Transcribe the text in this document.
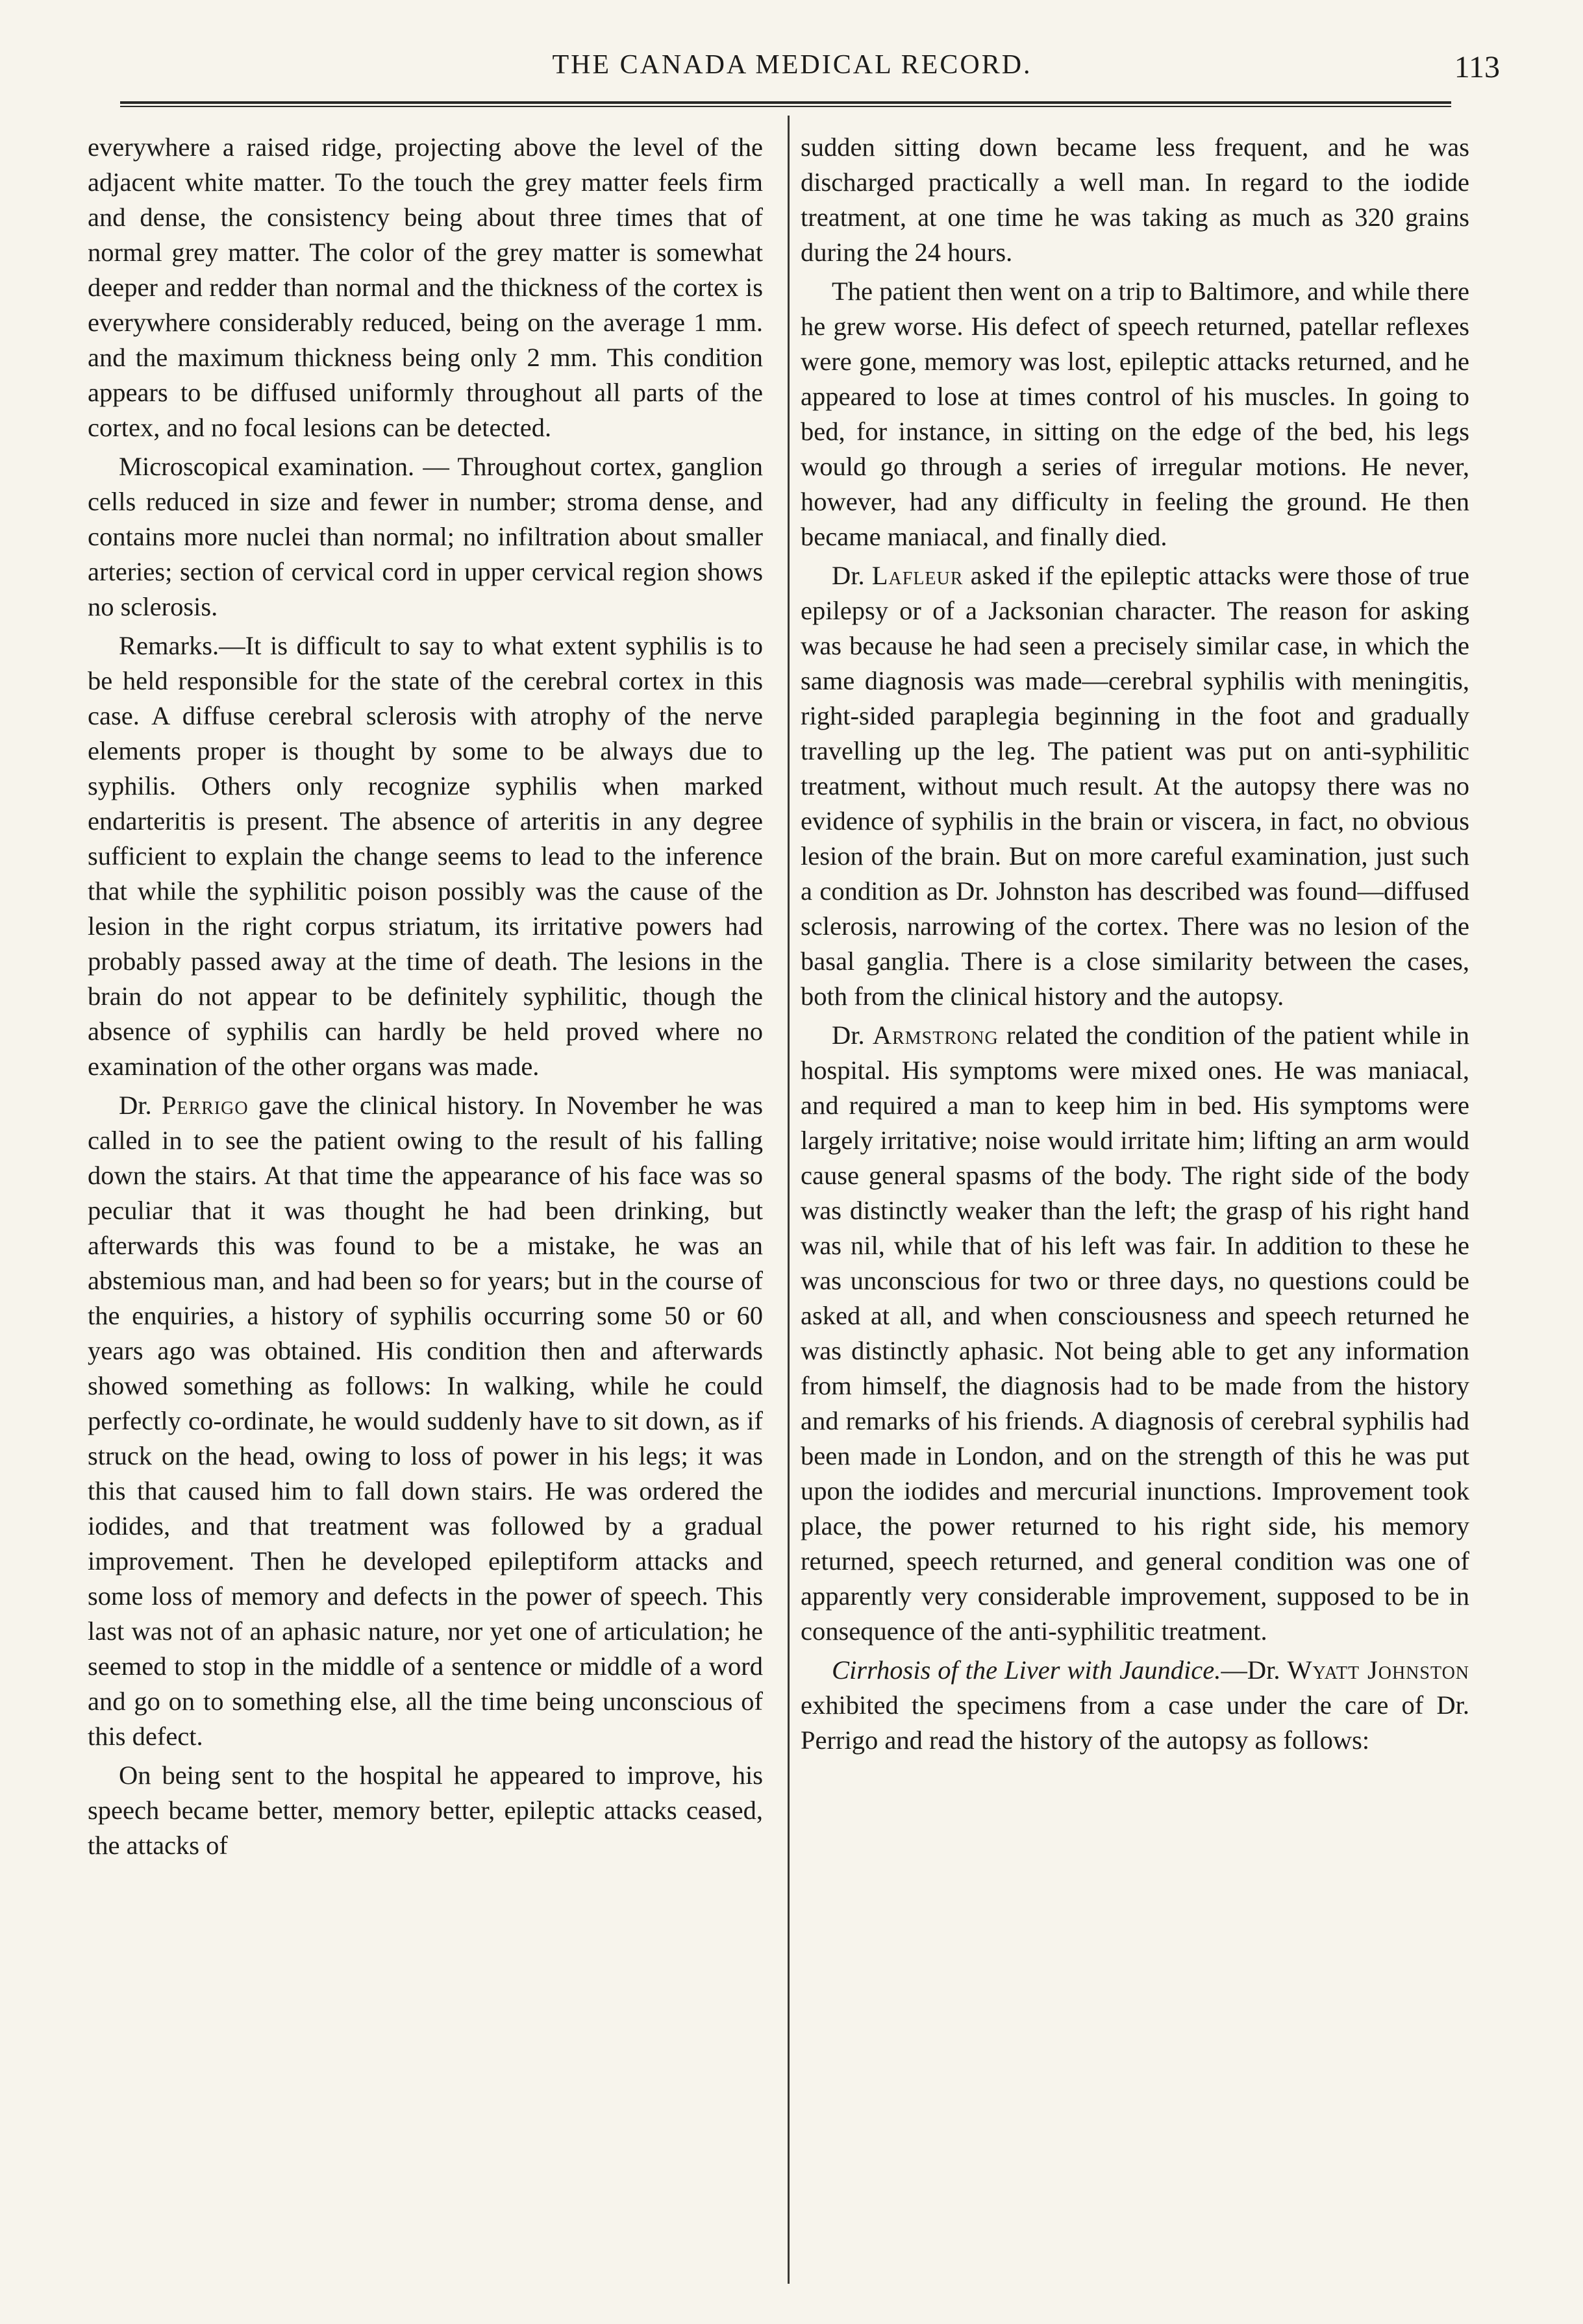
THE CANADA MEDICAL RECORD.	113

everywhere a raised ridge, projecting above the level of the adjacent white matter. To the touch the grey matter feels firm and dense, the consistency being about three times that of normal grey matter. The color of the grey matter is somewhat deeper and redder than normal and the thickness of the cortex is everywhere considerably reduced, being on the average 1 mm. and the maximum thickness being only 2 mm. This condition appears to be diffused uniformly throughout all parts of the cortex, and no focal lesions can be detected.

Microscopical examination. — Throughout cortex, ganglion cells reduced in size and fewer in number; stroma dense, and contains more nuclei than normal; no infiltration about smaller arteries; section of cervical cord in upper cervical region shows no sclerosis.

Remarks.—It is difficult to say to what extent syphilis is to be held responsible for the state of the cerebral cortex in this case. A diffuse cerebral sclerosis with atrophy of the nerve elements proper is thought by some to be always due to syphilis. Others only recognize syphilis when marked endarteritis is present. The absence of arteritis in any degree sufficient to explain the change seems to lead to the inference that while the syphilitic poison possibly was the cause of the lesion in the right corpus striatum, its irritative powers had probably passed away at the time of death. The lesions in the brain do not appear to be definitely syphilitic, though the absence of syphilis can hardly be held proved where no examination of the other organs was made.

Dr. Perrigo gave the clinical history. In November he was called in to see the patient owing to the result of his falling down the stairs. At that time the appearance of his face was so peculiar that it was thought he had been drinking, but afterwards this was found to be a mistake, he was an abstemious man, and had been so for years; but in the course of the enquiries, a history of syphilis occurring some 50 or 60 years ago was obtained. His condition then and afterwards showed something as follows: In walking, while he could perfectly co-ordinate, he would suddenly have to sit down, as if struck on the head, owing to loss of power in his legs; it was this that caused him to fall down stairs. He was ordered the iodides, and that treatment was followed by a gradual improvement. Then he developed epileptiform attacks and some loss of memory and defects in the power of speech. This last was not of an aphasic nature, nor yet one of articulation; he seemed to stop in the middle of a sentence or middle of a word and go on to something else, all the time being unconscious of this defect.

On being sent to the hospital he appeared to improve, his speech became better, memory better, epileptic attacks ceased, the attacks of

sudden sitting down became less frequent, and he was discharged practically a well man. In regard to the iodide treatment, at one time he was taking as much as 320 grains during the 24 hours.

The patient then went on a trip to Baltimore, and while there he grew worse. His defect of speech returned, patellar reflexes were gone, memory was lost, epileptic attacks returned, and he appeared to lose at times control of his muscles. In going to bed, for instance, in sitting on the edge of the bed, his legs would go through a series of irregular motions. He never, however, had any difficulty in feeling the ground. He then became maniacal, and finally died.

Dr. Lafleur asked if the epileptic attacks were those of true epilepsy or of a Jacksonian character. The reason for asking was because he had seen a precisely similar case, in which the same diagnosis was made—cerebral syphilis with meningitis, right-sided paraplegia beginning in the foot and gradually travelling up the leg. The patient was put on anti-syphilitic treatment, without much result. At the autopsy there was no evidence of syphilis in the brain or viscera, in fact, no obvious lesion of the brain. But on more careful examination, just such a condition as Dr. Johnston has described was found—diffused sclerosis, narrowing of the cortex. There was no lesion of the basal ganglia. There is a close similarity between the cases, both from the clinical history and the autopsy.

Dr. Armstrong related the condition of the patient while in hospital. His symptoms were mixed ones. He was maniacal, and required a man to keep him in bed. His symptoms were largely irritative; noise would irritate him; lifting an arm would cause general spasms of the body. The right side of the body was distinctly weaker than the left; the grasp of his right hand was nil, while that of his left was fair. In addition to these he was unconscious for two or three days, no questions could be asked at all, and when consciousness and speech returned he was distinctly aphasic. Not being able to get any information from himself, the diagnosis had to be made from the history and remarks of his friends. A diagnosis of cerebral syphilis had been made in London, and on the strength of this he was put upon the iodides and mercurial inunctions. Improvement took place, the power returned to his right side, his memory returned, speech returned, and general condition was one of apparently very considerable improvement, supposed to be in consequence of the anti-syphilitic treatment.

Cirrhosis of the Liver with Jaundice.—Dr. Wyatt Johnston exhibited the specimens from a case under the care of Dr. Perrigo and read the history of the autopsy as follows:
